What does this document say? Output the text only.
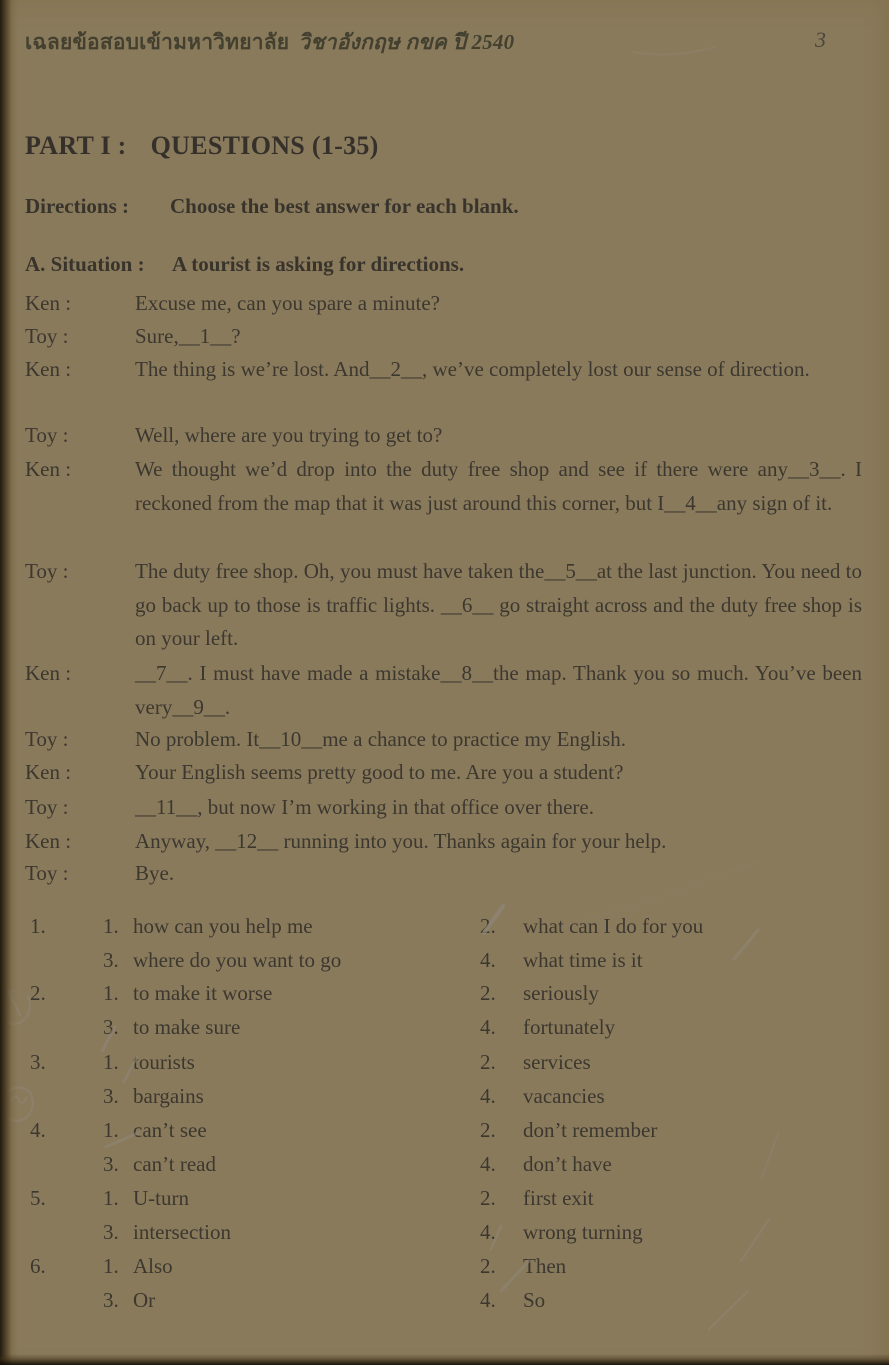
เฉลยข้อสอบเข้ามหาวิทยาลัย วิชาอังกฤษ กขค ปี 2540	3
PART I : QUESTIONS (1-35)
Directions : Choose the best answer for each blank.
A. Situation : A tourist is asking for directions.
Ken :	Excuse me, can you spare a minute?
Toy :	Sure,__1__?
Ken :	The thing is we’re lost. And__2__, we’ve completely lost our sense of direction.
Toy :	Well, where are you trying to get to?
Ken :	We thought we’d drop into the duty free shop and see if there were any__3__. I reckoned from the map that it was just around this corner, but I__4__any sign of it.
Toy :	The duty free shop. Oh, you must have taken the__5__at the last junction. You need to go back up to those is traffic lights. __6__ go straight across and the duty free shop is on your left.
Ken :	__7__. I must have made a mistake__8__the map. Thank you so much. You’ve been very__9__.
Toy :	No problem. It__10__me a chance to practice my English.
Ken :	Your English seems pretty good to me. Are you a student?
Toy :	__11__, but now I’m working in that office over there.
Ken :	Anyway, __12__ running into you. Thanks again for your help.
Toy :	Bye.
1.	1. how can you help me	2.	what can I do for you
3. where do you want to go	4.	what time is it
2.	1. to make it worse	2.	seriously
3. to make sure	4.	fortunately
3.	1. tourists	2.	services
3. bargains	4.	vacancies
4.	1. can’t see	2.	don’t remember
3. can’t read	4.	don’t have
5.	1. U-turn	2.	first exit
3. intersection	4.	wrong turning
6.	1. Also	2.	Then
3. Or	4.	So
